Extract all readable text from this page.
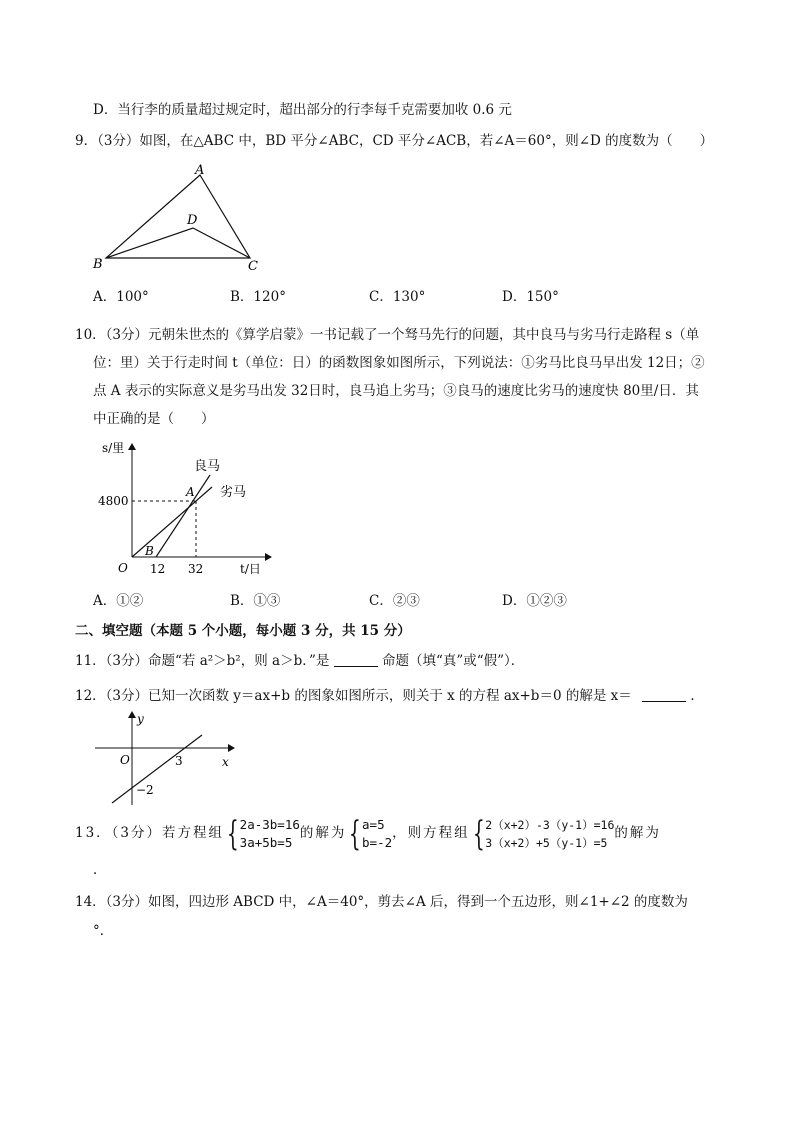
D．当行李的质量超过规定时，超出部分的行李每千克需要加收 0.6 元
9．（3分）如图，在△ABC 中，BD 平分∠ABC，CD 平分∠ACB，若∠A＝60°，则∠D 的度数为（　　）
A
D
B	C
A．100°	B．120°	C．130°	D．150°
10．（3分）元朝朱世杰的《算学启蒙》一书记载了一个驽马先行的问题，其中良马与劣马行走路程 s（单
位：里）关于行走时间 t（单位：日）的函数图象如图所示，下列说法：①劣马比良马早出发 12日；②
点 A 表示的实际意义是劣马出发 32日时，良马追上劣马；③良马的速度比劣马的速度快 80里/日．其
中正确的是（　　）
s/里
t/日
O
4800
12 32
A
B
良马
劣马
A．①②	B．①③	C．②③	D．①②③
二、填空题（本题 5 个小题，每小题 3 分，共 15 分）
11．（3分）命题“若 a²＞b²，则 a＞b．”是	命题（填“真”或“假”）．
12．（3分）已知一次函数 y＝ax+b 的图象如图所示，则关于 x 的方程 ax+b＝0 的解是 x＝	．
y
x
O	3
−2
13．（3分）若方程组{2a-3b=16
3a+5b=5的解为{a=5
b=-2，则方程组{2（x+2）-3（y-1）=16
3（x+2）+5（y-1）=5的解为
．
14．（3分）如图，四边形 ABCD 中，∠A＝40°，剪去∠A 后，得到一个五边形，则∠1+∠2 的度数为
°．
